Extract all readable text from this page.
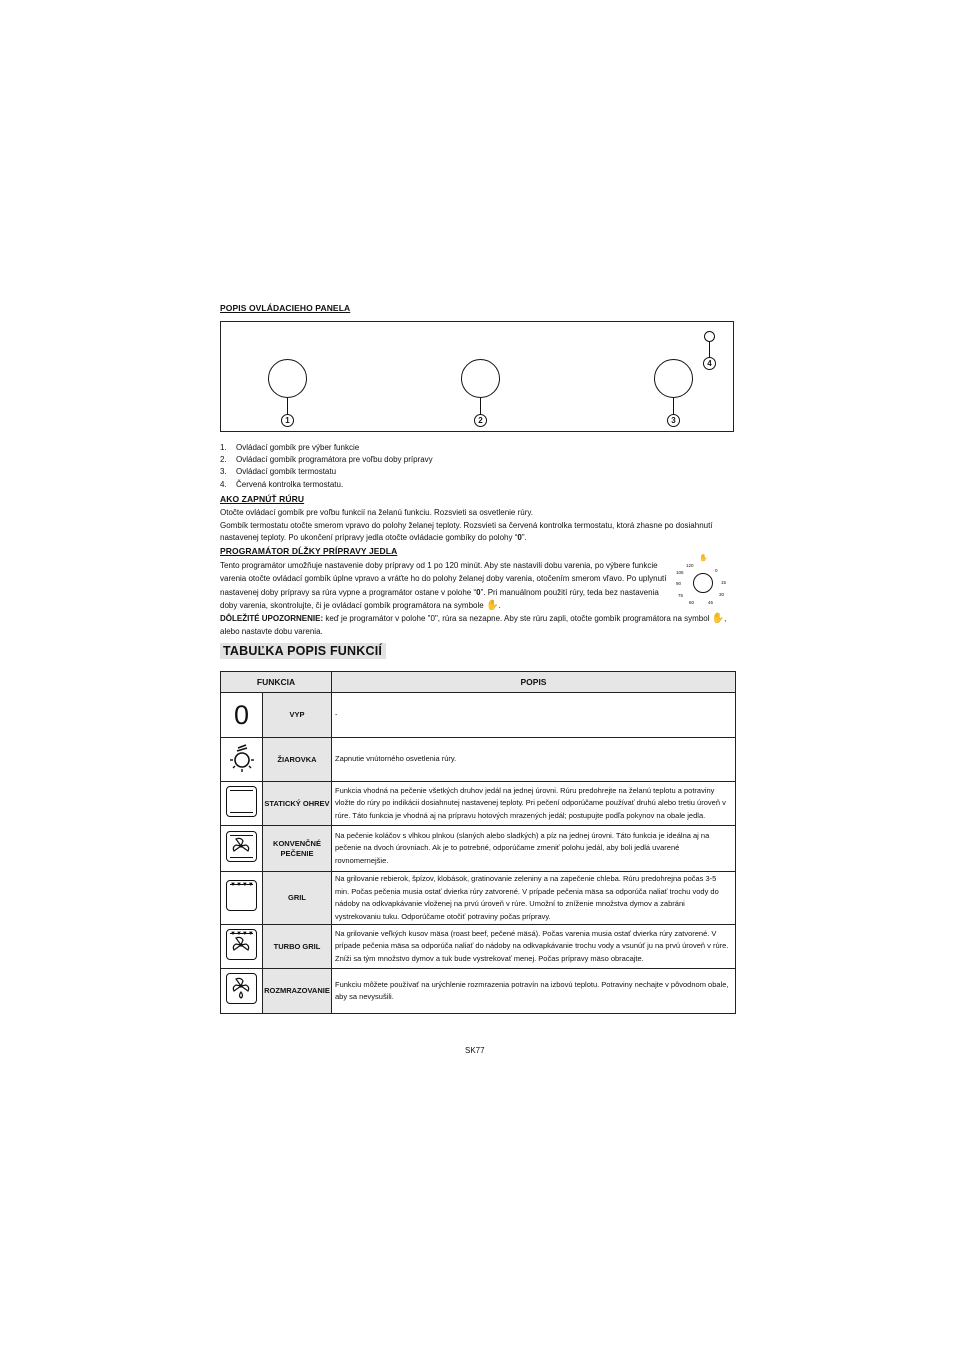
POPIS OVLÁDACIEHO PANELA
1	2	3
4
1. Ovládací gombík pre výber funkcie
2. Ovládací gombík programátora pre voľbu doby prípravy
3. Ovládací gombík termostatu
4. Červená kontrolka termostatu.
AKO ZAPNÚŤ RÚRU
Otočte ovládací gombík pre voľbu funkcií na želanú funkciu. Rozsvieti sa osvetlenie rúry.
Gombík termostatu otočte smerom vpravo do polohy želanej teploty. Rozsvieti sa červená kontrolka termostatu, ktorá zhasne po dosiahnutí nastavenej teploty. Po ukončení prípravy jedla otočte ovládacie gombíky do polohy “0”.
PROGRAMÁTOR DĹŽKY PRÍPRAVY JEDLA
Tento programátor umožňuje nastavenie doby prípravy od 1 po 120 minút. Aby ste nastavili dobu varenia, po výbere funkcie varenia otočte ovládací gombík úplne vpravo a vráťte ho do polohy želanej doby varenia, otočením smerom vľavo. Po uplynutí nastavenej doby prípravy sa rúra vypne a programátor ostane v polohe “0”. Pri manuálnom použití rúry, teda bez nastavenia doby varenia, skontrolujte, či je ovládací gombík programátora na symbole ✋.
✋
120
0
105
15
90
30
75
45
60
DÔLEŽITÉ UPOZORNENIE: keď je programátor v polohe "0", rúra sa nezapne. Aby ste rúru zapli, otočte gombík programátora na symbol ✋, alebo nastavte dobu varenia.
TABUĽKA POPIS FUNKCIÍ
FUNKCIA		POPIS
0	VYP	-
	ŽIAROVKA	Zapnutie vnútorného osvetlenia rúry.

	STATICKÝ OHREV	Funkcia vhodná na pečenie všetkých druhov jedál na jednej úrovni. Rúru predohrejte na želanú teplotu a potraviny vložte do rúry po indikácii dosiahnutej nastavenej teploty. Pri pečení odporúčame používať druhú alebo tretiu úroveň v rúre. Táto funkcia je vhodná aj na prípravu hotových mrazených jedál; postupujte podľa pokynov na obale jedla.

	KONVENČNÉ PEČENIE	Na pečenie koláčov s vlhkou plnkou (slaných alebo sladkých) a píz na jednej úrovni. Táto funkcia je ideálna aj na pečenie na dvoch úrovniach. Ak je to potrebné, odporúčame zmeniť polohu jedál, aby boli jedlá uvarené rovnomernejšie.

▼▼▼▼	GRIL	Na grilovanie rebierok, špízov, klobások, gratinovanie zeleniny a na zapečenie chleba. Rúru predohrejna počas 3-5 min. Počas pečenia musia ostať dvierka rúry zatvorené. V prípade pečenia mäsa sa odporúča naliať trochu vody do nádoby na odkvapkávanie vloženej na prvú úroveň v rúre. Umožní to zníženie množstva dymov a zabráni vystrekovaniu tuku. Odporúčame otočiť potraviny počas prípravy.

▼▼▼▼	TURBO GRIL	Na grilovanie veľkých kusov mäsa (roast beef, pečené mäsá). Počas varenia musia ostať dvierka rúry zatvorené. V prípade pečenia mäsa sa odporúča naliať do nádoby na odkvapkávanie trochu vody a vsunúť ju na prvú úroveň v rúre. Zníži sa tým množstvo dymov a tuk bude vystrekovať menej. Počas prípravy mäso obracajte.

	ROZMRAZOVANIE	Funkciu môžete používať na urýchlenie rozmrazenia potravín na izbovú teplotu. Potraviny nechajte v pôvodnom obale, aby sa nevysušili.
SK77
